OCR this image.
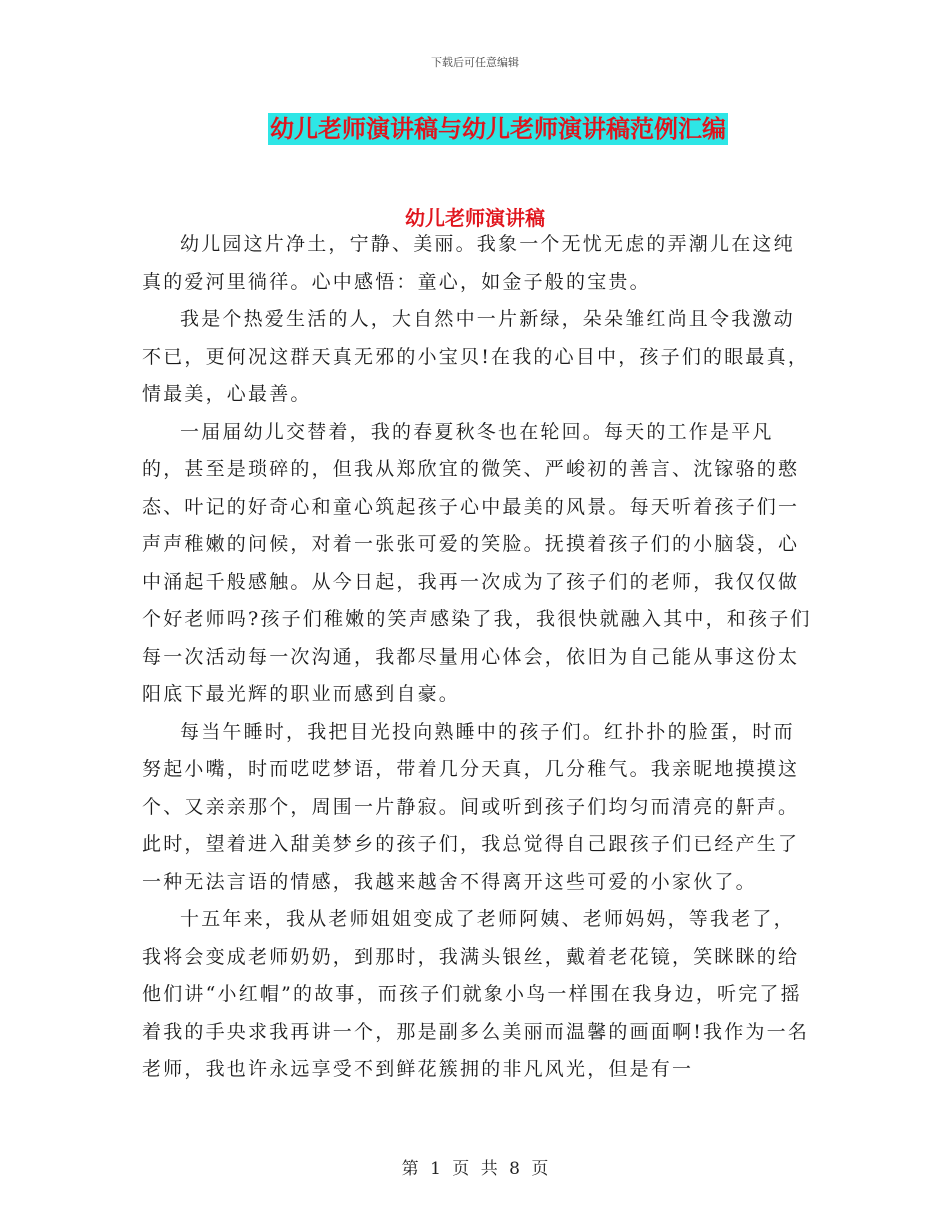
下载后可任意编辑
幼儿老师演讲稿与幼儿老师演讲稿范例汇编
幼儿老师演讲稿

幼儿园这片净土，宁静、美丽。我象一个无忧无虑的弄潮儿在这纯真的爱河里徜徉。心中感悟：童心，如金子般的宝贵。

我是个热爱生活的人，大自然中一片新绿，朵朵雏红尚且令我激动不已，更何况这群天真无邪的小宝贝!在我的心目中，孩子们的眼最真，情最美，心最善。

一届届幼儿交替着，我的春夏秋冬也在轮回。每天的工作是平凡的，甚至是琐碎的，但我从郑欣宜的微笑、严峻初的善言、沈镓骆的憨态、叶记的好奇心和童心筑起孩子心中最美的风景。每天听着孩子们一声声稚嫩的问候，对着一张张可爱的笑脸。抚摸着孩子们的小脑袋，心中涌起千般感触。从今日起，我再一次成为了孩子们的老师，我仅仅做个好老师吗?孩子们稚嫩的笑声感染了我，我很快就融入其中，和孩子们每一次活动每一次沟通，我都尽量用心体会，依旧为自己能从事这份太阳底下最光辉的职业而感到自豪。

每当午睡时，我把目光投向熟睡中的孩子们。红扑扑的脸蛋，时而努起小嘴，时而呓呓梦语，带着几分天真，几分稚气。我亲昵地摸摸这个、又亲亲那个，周围一片静寂。间或听到孩子们均匀而清亮的鼾声。此时，望着进入甜美梦乡的孩子们，我总觉得自己跟孩子们已经产生了一种无法言语的情感，我越来越舍不得离开这些可爱的小家伙了。

十五年来，我从老师姐姐变成了老师阿姨、老师妈妈，等我老了，我将会变成老师奶奶，到那时，我满头银丝，戴着老花镜，笑眯眯的给他们讲“小红帽”的故事，而孩子们就象小鸟一样围在我身边，听完了摇着我的手央求我再讲一个，那是副多么美丽而温馨的画面啊!我作为一名老师，我也许永远享受不到鲜花簇拥的非凡风光，但是有一

第 1 页 共 8 页
